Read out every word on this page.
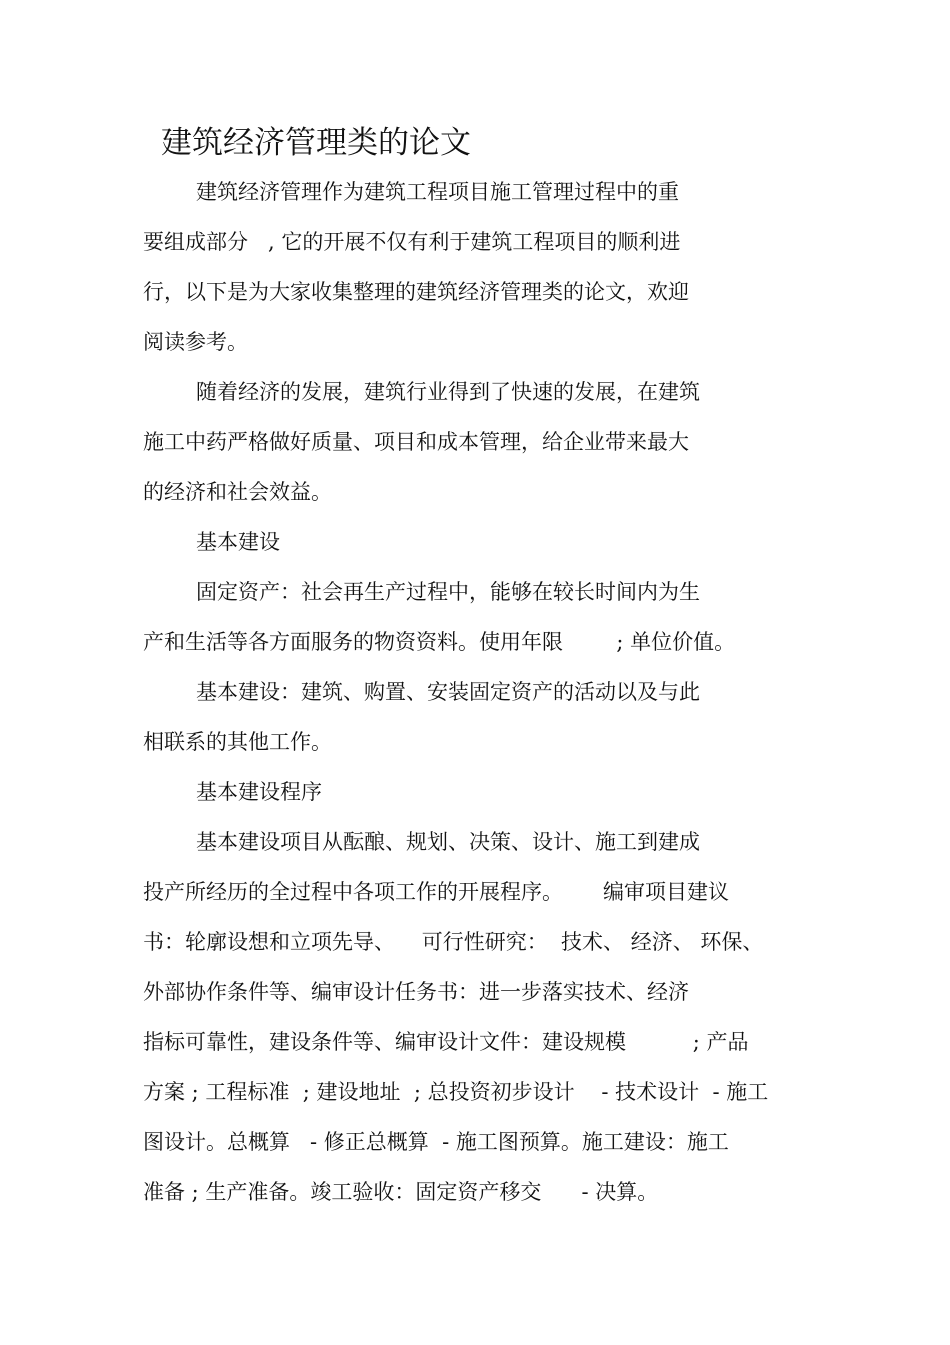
建筑经济管理类的论文
建筑经济管理作为建筑工程项目施工管理过程中的重
要组成部分   , 它的开展不仅有利于建筑工程项目的顺利进
行，以下是为大家收集整理的建筑经济管理类的论文，欢迎
阅读参考。
随着经济的发展，建筑行业得到了快速的发展，在建筑
施工中药严格做好质量、项目和成本管理，给企业带来最大
的经济和社会效益。
基本建设
固定资产：社会再生产过程中，能够在较长时间内为生
产和生活等各方面服务的物资资料。使用年限        ; 单位价值。
基本建设：建筑、购置、安装固定资产的活动以及与此
相联系的其他工作。
基本建设程序
基本建设项目从酝酿、规划、决策、设计、施工到建成
投产所经历的全过程中各项工作的开展程序。      编审项目建议
书：轮廓设想和立项先导、    可行性研究：  技术、 经济、 环保、
外部协作条件等、编审设计任务书：进一步落实技术、经济
指标可靠性，建设条件等、编审设计文件：建设规模          ; 产品
方案 ; 工程标准  ; 建设地址  ; 总投资初步设计    - 技术设计  - 施工
图设计。总概算   - 修正总概算  - 施工图预算。施工建设：施工
准备 ; 生产准备。竣工验收：固定资产移交      - 决算。
